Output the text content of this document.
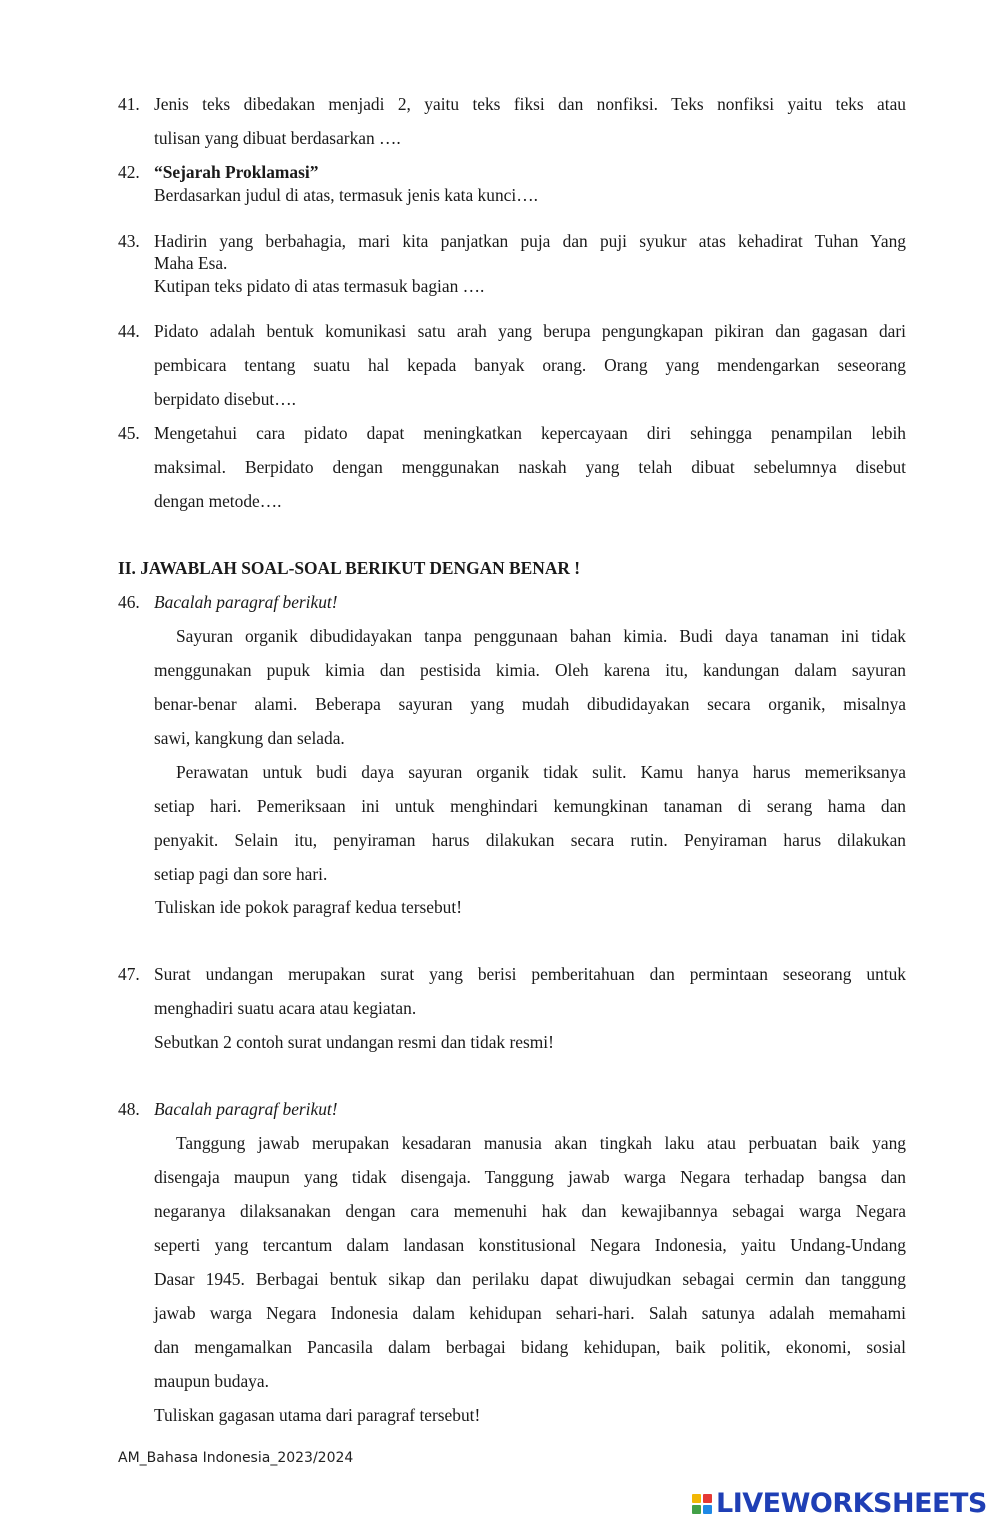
41. Jenis teks dibedakan menjadi 2, yaitu teks fiksi dan nonfiksi. Teks nonfiksi yaitu teks atau
tulisan yang dibuat berdasarkan ….
42. “Sejarah Proklamasi”
Berdasarkan judul di atas, termasuk jenis kata kunci….
43. Hadirin yang berbahagia, mari kita panjatkan puja dan puji syukur atas kehadirat Tuhan Yang
Maha Esa.
Kutipan teks pidato di atas termasuk bagian ….
44. Pidato adalah bentuk komunikasi satu arah yang berupa pengungkapan pikiran dan gagasan dari
pembicara tentang suatu hal kepada banyak orang. Orang yang mendengarkan seseorang
berpidato disebut….
45. Mengetahui cara pidato dapat meningkatkan kepercayaan diri sehingga penampilan lebih
maksimal. Berpidato dengan menggunakan naskah yang telah dibuat sebelumnya disebut
dengan metode….
II. JAWABLAH SOAL-SOAL BERIKUT DENGAN BENAR !
46. Bacalah paragraf berikut!
Sayuran organik dibudidayakan tanpa penggunaan bahan kimia. Budi daya tanaman ini tidak
menggunakan pupuk kimia dan pestisida kimia. Oleh karena itu, kandungan dalam sayuran
benar-benar alami. Beberapa sayuran yang mudah dibudidayakan secara organik, misalnya
sawi, kangkung dan selada.
Perawatan untuk budi daya sayuran organik tidak sulit. Kamu hanya harus memeriksanya
setiap hari. Pemeriksaan ini untuk menghindari kemungkinan tanaman di serang hama dan
penyakit. Selain itu, penyiraman harus dilakukan secara rutin. Penyiraman harus dilakukan
setiap pagi dan sore hari.
Tuliskan ide pokok paragraf kedua tersebut!
47. Surat undangan merupakan surat yang berisi pemberitahuan dan permintaan seseorang untuk
menghadiri suatu acara atau kegiatan.
Sebutkan 2 contoh surat undangan resmi dan tidak resmi!
48. Bacalah paragraf berikut!
Tanggung jawab merupakan kesadaran manusia akan tingkah laku atau perbuatan baik yang
disengaja maupun yang tidak disengaja. Tanggung jawab warga Negara terhadap bangsa dan
negaranya dilaksanakan dengan cara memenuhi hak dan kewajibannya sebagai warga Negara
seperti yang tercantum dalam landasan konstitusional Negara Indonesia, yaitu Undang-Undang
Dasar 1945. Berbagai bentuk sikap dan perilaku dapat diwujudkan sebagai cermin dan tanggung
jawab warga Negara Indonesia dalam kehidupan sehari-hari. Salah satunya adalah memahami
dan mengamalkan Pancasila dalam berbagai bidang kehidupan, baik politik, ekonomi, sosial
maupun budaya.
Tuliskan gagasan utama dari paragraf tersebut!
AM_Bahasa Indonesia_2023/2024
LIVEWORKSHEETS
